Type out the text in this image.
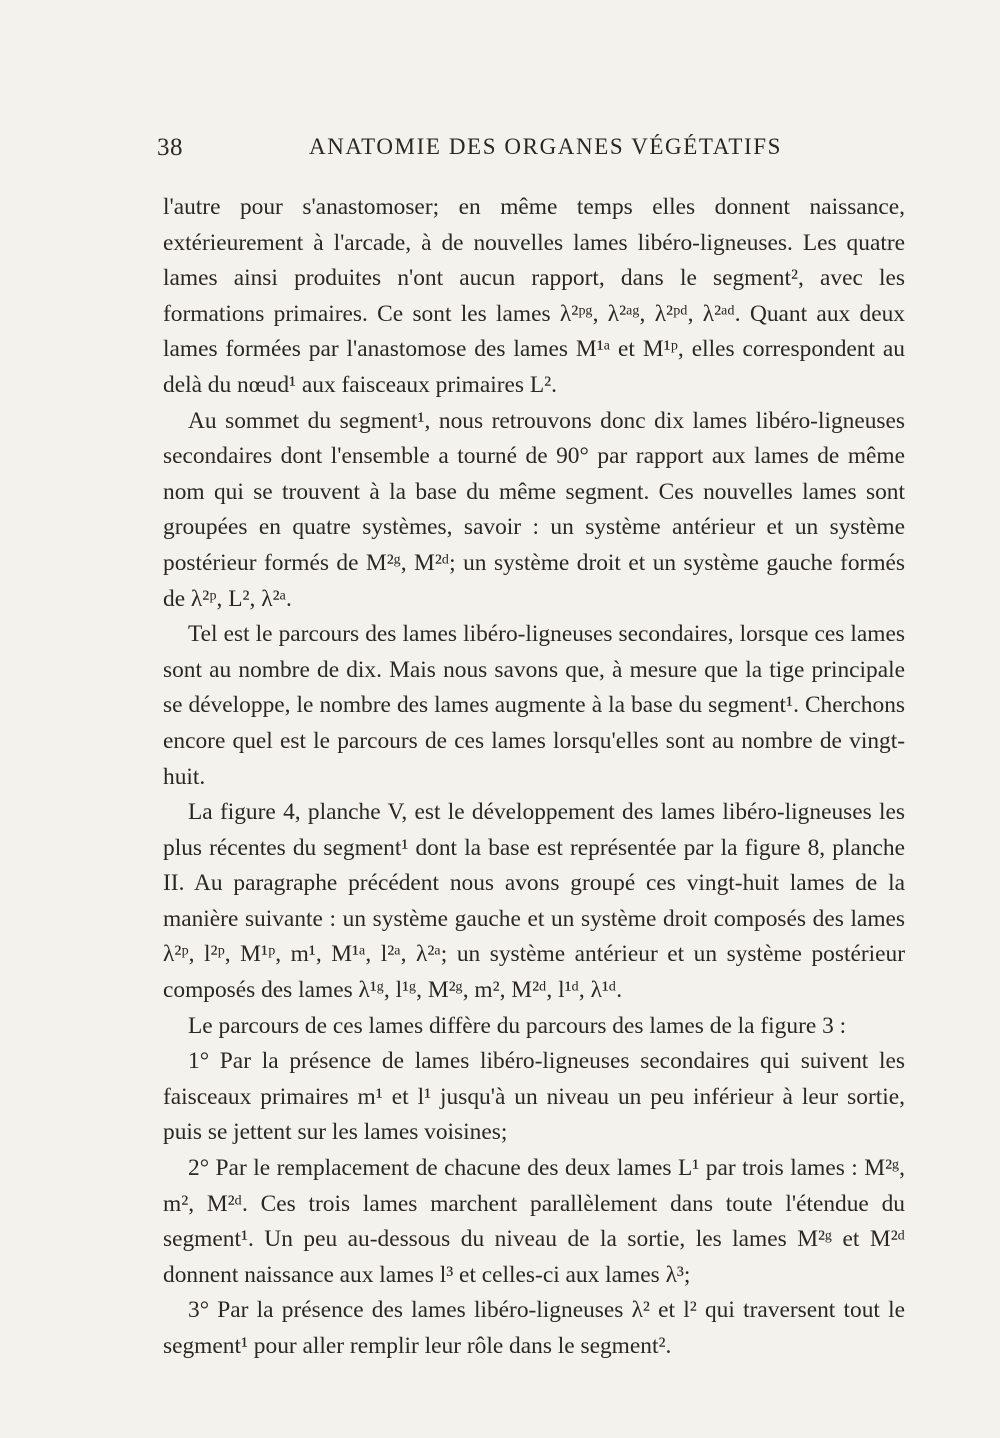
38	ANATOMIE DES ORGANES VÉGÉTATIFS

l'autre pour s'anastomoser; en même temps elles donnent naissance, extérieurement à l'arcade, à de nouvelles lames libéro-ligneuses. Les quatre lames ainsi produites n'ont aucun rapport, dans le segment², avec les formations primaires. Ce sont les lames λ²ᵖᵍ, λ²ᵃᵍ, λ²ᵖᵈ, λ²ᵃᵈ. Quant aux deux lames formées par l'anastomose des lames M¹ᵃ et M¹ᵖ, elles correspondent au delà du nœud¹ aux faisceaux primaires L².

Au sommet du segment¹, nous retrouvons donc dix lames libéro-ligneuses secondaires dont l'ensemble a tourné de 90° par rapport aux lames de même nom qui se trouvent à la base du même segment. Ces nouvelles lames sont groupées en quatre systèmes, savoir : un système antérieur et un système postérieur formés de M²ᵍ, M²ᵈ; un système droit et un système gauche formés de λ²ᵖ, L², λ²ᵃ.

Tel est le parcours des lames libéro-ligneuses secondaires, lorsque ces lames sont au nombre de dix. Mais nous savons que, à mesure que la tige principale se développe, le nombre des lames augmente à la base du segment¹. Cherchons encore quel est le parcours de ces lames lorsqu'elles sont au nombre de vingt-huit.

La figure 4, planche V, est le développement des lames libéro-ligneuses les plus récentes du segment¹ dont la base est représentée par la figure 8, planche II. Au paragraphe précédent nous avons groupé ces vingt-huit lames de la manière suivante : un système gauche et un système droit composés des lames λ²ᵖ, l²ᵖ, M¹ᵖ, m¹, M¹ᵃ, l²ᵃ, λ²ᵃ; un système antérieur et un système postérieur composés des lames λ¹ᵍ, l¹ᵍ, M²ᵍ, m², M²ᵈ, l¹ᵈ, λ¹ᵈ.

Le parcours de ces lames diffère du parcours des lames de la figure 3 :

1° Par la présence de lames libéro-ligneuses secondaires qui suivent les faisceaux primaires m¹ et l¹ jusqu'à un niveau un peu inférieur à leur sortie, puis se jettent sur les lames voisines;

2° Par le remplacement de chacune des deux lames L¹ par trois lames : M²ᵍ, m², M²ᵈ. Ces trois lames marchent parallèlement dans toute l'étendue du segment¹. Un peu au-dessous du niveau de la sortie, les lames M²ᵍ et M²ᵈ donnent naissance aux lames l³ et celles-ci aux lames λ³;

3° Par la présence des lames libéro-ligneuses λ² et l² qui traversent tout le segment¹ pour aller remplir leur rôle dans le segment².
